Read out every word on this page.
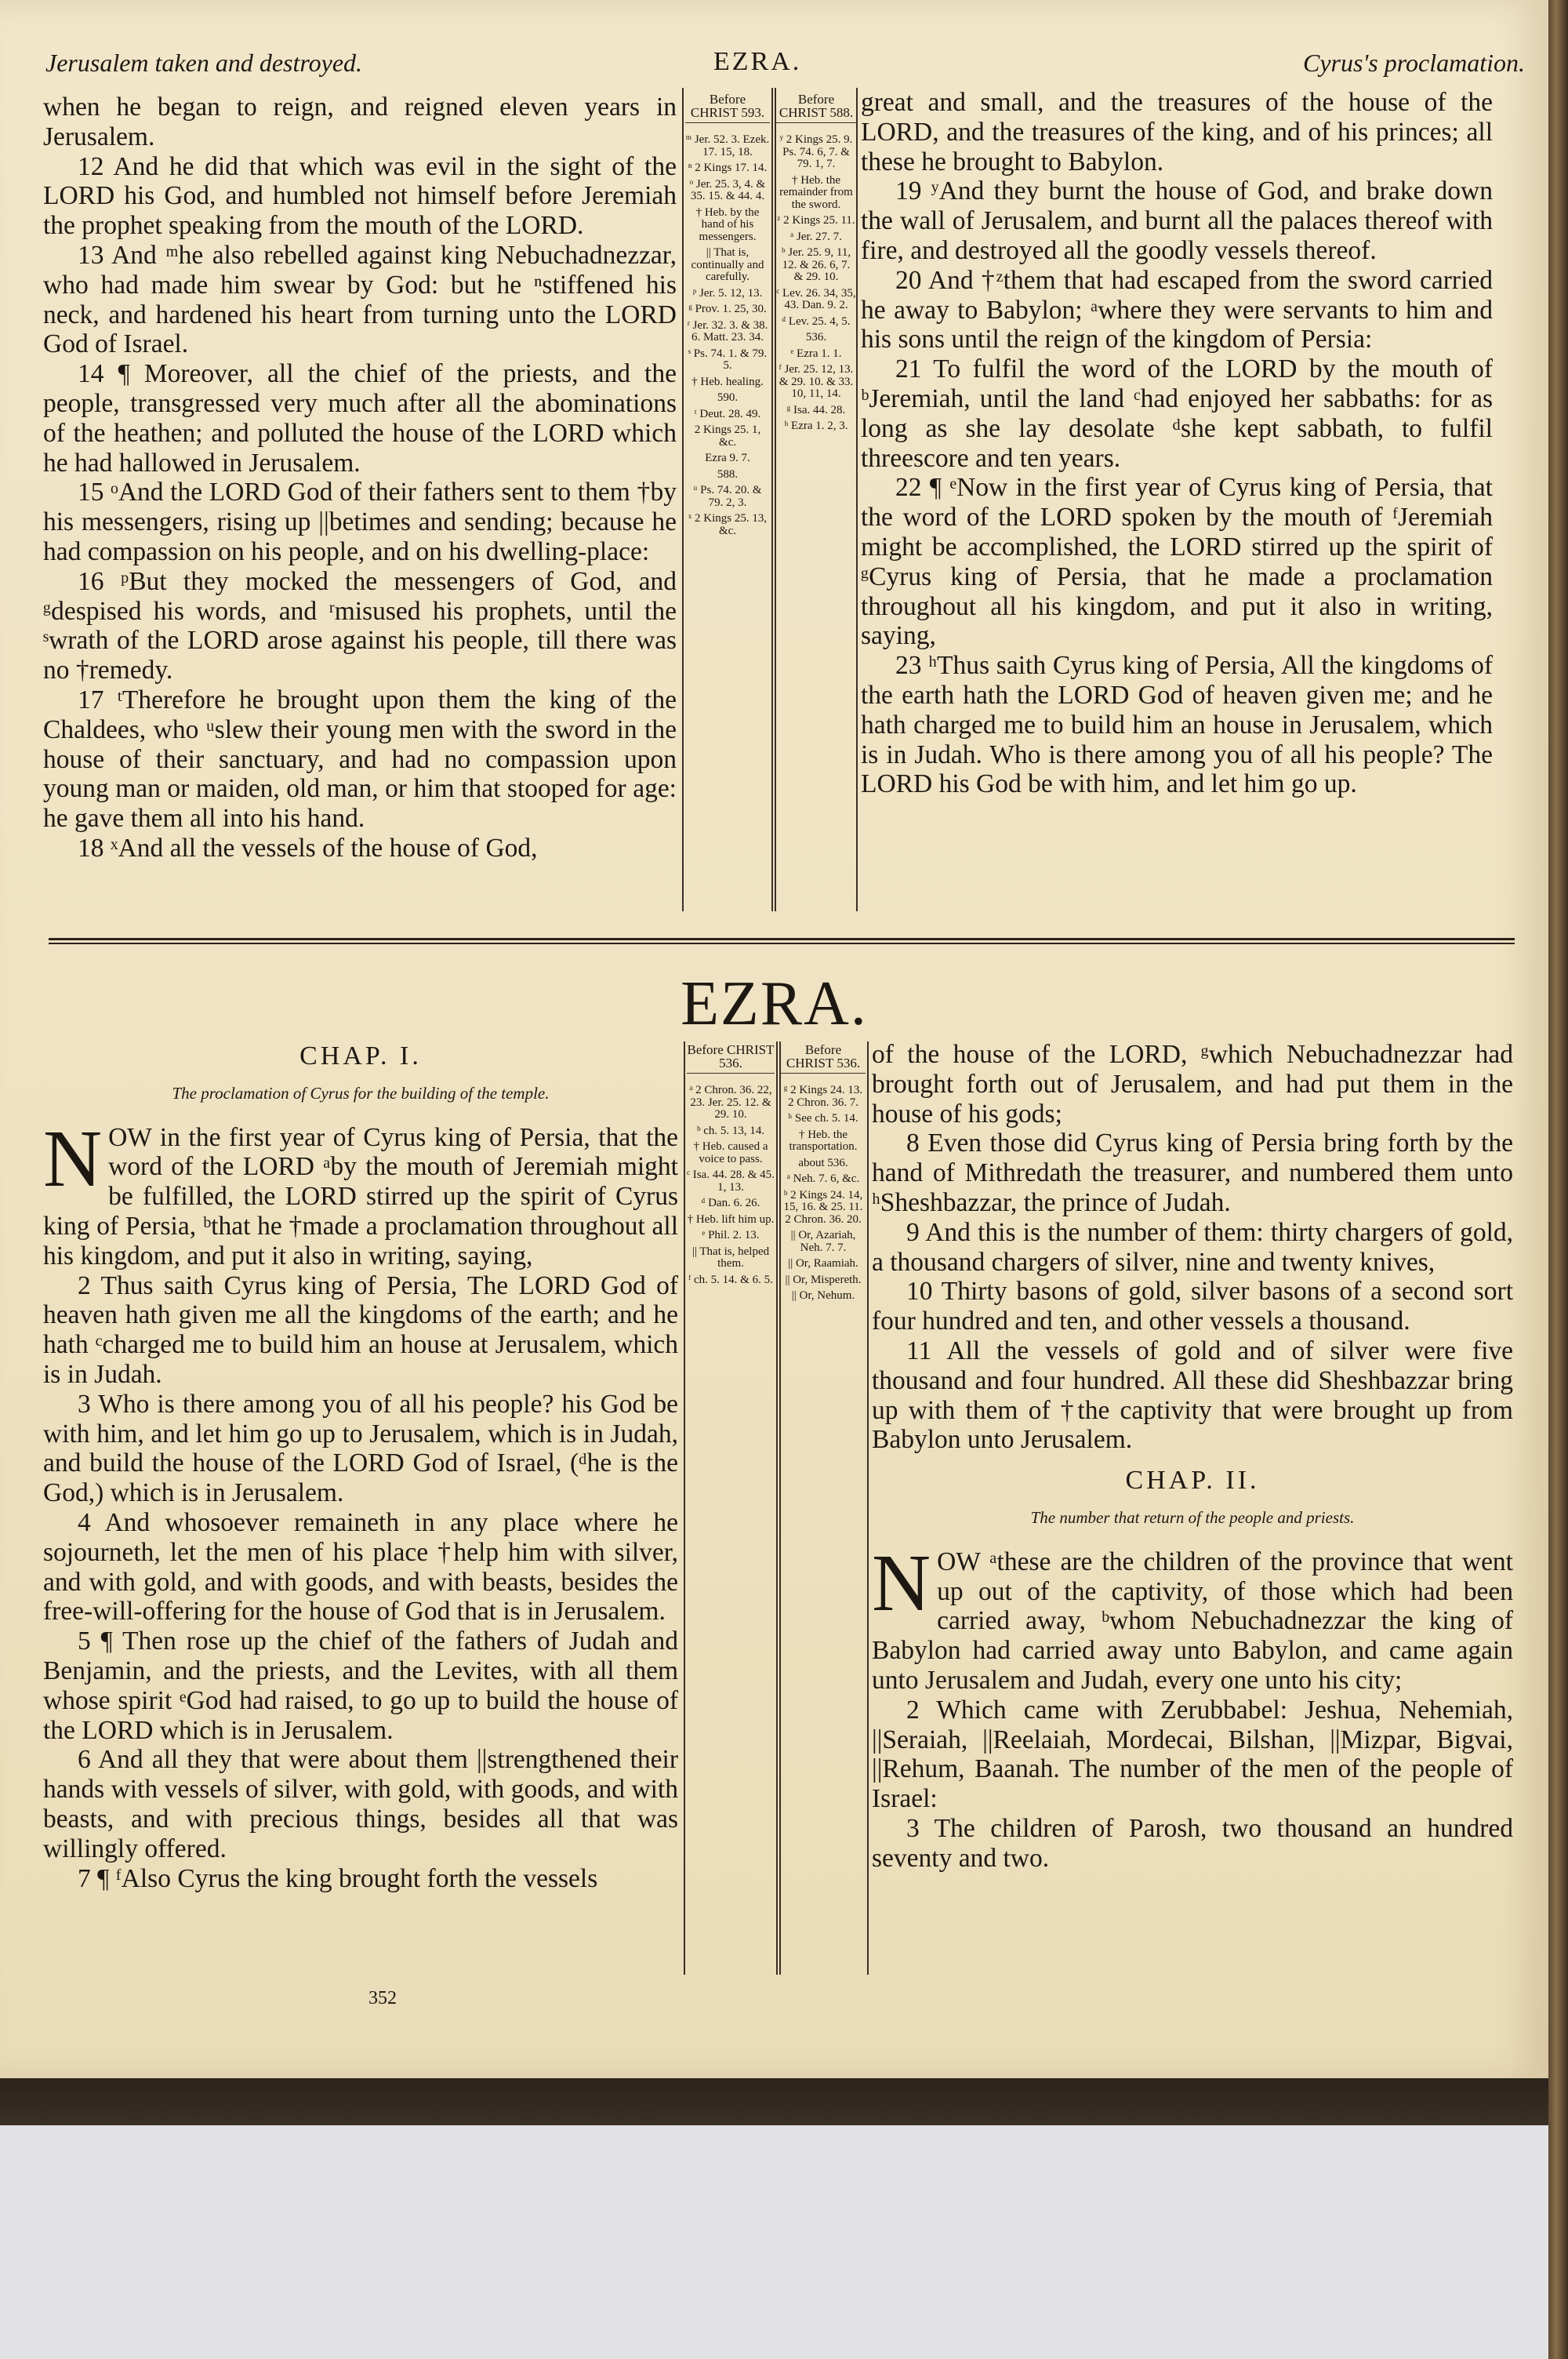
Jerusalem taken and destroyed.	EZRA.	Cyrus's proclamation.

when he began to reign, and reigned eleven years in Jerusalem.

12 And he did that which was evil in the sight of the LORD his God, and humbled not himself before Jeremiah the prophet speaking from the mouth of the LORD.

13 And ᵐhe also rebelled against king Nebuchadnezzar, who had made him swear by God: but he ⁿstiffened his neck, and hardened his heart from turning unto the LORD God of Israel.

14 ¶ Moreover, all the chief of the priests, and the people, transgressed very much after all the abominations of the heathen; and polluted the house of the LORD which he had hallowed in Jerusalem.

15 ᵒAnd the LORD God of their fathers sent to them †by his messengers, rising up ||betimes and sending; because he had compassion on his people, and on his dwelling-place:

16 ᵖBut they mocked the messengers of God, and ᵍdespised his words, and ʳmisused his prophets, until the ˢwrath of the LORD arose against his people, till there was no †remedy.

17 ᵗTherefore he brought upon them the king of the Chaldees, who ᵘslew their young men with the sword in the house of their sanctuary, and had no compassion upon young man or maiden, old man, or him that stooped for age: he gave them all into his hand.

18 ˣAnd all the vessels of the house of God,

Before CHRIST 593.

ᵐ Jer. 52. 3. Ezek. 17. 15, 18.

ⁿ 2 Kings 17. 14.

ᵒ Jer. 25. 3, 4. & 35. 15. & 44. 4.

† Heb. by the hand of his messengers.

|| That is, continually and carefully.

ᵖ Jer. 5. 12, 13.

ᵍ Prov. 1. 25, 30.

ʳ Jer. 32. 3. & 38. 6. Matt. 23. 34.

ˢ Ps. 74. 1. & 79. 5.

† Heb. healing.

590.

ᵗ Deut. 28. 49.

2 Kings 25. 1, &c.

Ezra 9. 7.

588.

ᵘ Ps. 74. 20. & 79. 2, 3.

ˣ 2 Kings 25. 13, &c.

Before CHRIST 588.

ʸ 2 Kings 25. 9. Ps. 74. 6, 7. & 79. 1, 7.

† Heb. the remainder from the sword.

ᶻ 2 Kings 25. 11.

ᵃ Jer. 27. 7.

ᵇ Jer. 25. 9, 11, 12. & 26. 6, 7. & 29. 10.

ᶜ Lev. 26. 34, 35, 43. Dan. 9. 2.

ᵈ Lev. 25. 4, 5.

536.

ᵉ Ezra 1. 1.

ᶠ Jer. 25. 12, 13. & 29. 10. & 33. 10, 11, 14.

ᵍ Isa. 44. 28.

ʰ Ezra 1. 2, 3.

great and small, and the treasures of the house of the LORD, and the treasures of the king, and of his princes; all these he brought to Babylon.

19 ʸAnd they burnt the house of God, and brake down the wall of Jerusalem, and burnt all the palaces thereof with fire, and destroyed all the goodly vessels thereof.

20 And †ᶻthem that had escaped from the sword carried he away to Babylon; ᵃwhere they were servants to him and his sons until the reign of the kingdom of Persia:

21 To fulfil the word of the LORD by the mouth of ᵇJeremiah, until the land ᶜhad enjoyed her sabbaths: for as long as she lay desolate ᵈshe kept sabbath, to fulfil threescore and ten years.

22 ¶ ᵉNow in the first year of Cyrus king of Persia, that the word of the LORD spoken by the mouth of ᶠJeremiah might be accomplished, the LORD stirred up the spirit of ᵍCyrus king of Persia, that he made a proclamation throughout all his kingdom, and put it also in writing, saying,

23 ʰThus saith Cyrus king of Persia, All the kingdoms of the earth hath the LORD God of heaven given me; and he hath charged me to build him an house in Jerusalem, which is in Judah. Who is there among you of all his people? The LORD his God be with him, and let him go up.

EZRA.
CHAP. I.
The proclamation of Cyrus for the building of the temple.

NOW in the first year of Cyrus king of Persia, that the word of the LORD ᵃby the mouth of Jeremiah might be fulfilled, the LORD stirred up the spirit of Cyrus king of Persia, ᵇthat he †made a proclamation throughout all his kingdom, and put it also in writing, saying,

2 Thus saith Cyrus king of Persia, The LORD God of heaven hath given me all the kingdoms of the earth; and he hath ᶜcharged me to build him an house at Jerusalem, which is in Judah.

3 Who is there among you of all his people? his God be with him, and let him go up to Jerusalem, which is in Judah, and build the house of the LORD God of Israel, (ᵈhe is the God,) which is in Jerusalem.

4 And whosoever remaineth in any place where he sojourneth, let the men of his place †help him with silver, and with gold, and with goods, and with beasts, besides the free-will-offering for the house of God that is in Jerusalem.

5 ¶ Then rose up the chief of the fathers of Judah and Benjamin, and the priests, and the Levites, with all them whose spirit ᵉGod had raised, to go up to build the house of the LORD which is in Jerusalem.

6 And all they that were about them ||strengthened their hands with vessels of silver, with gold, with goods, and with beasts, and with precious things, besides all that was willingly offered.

7 ¶ ᶠAlso Cyrus the king brought forth the vessels

Before CHRIST 536.

ᵃ 2 Chron. 36. 22, 23. Jer. 25. 12. & 29. 10.

ᵇ ch. 5. 13, 14.

† Heb. caused a voice to pass.

ᶜ Isa. 44. 28. & 45. 1, 13.

ᵈ Dan. 6. 26.

† Heb. lift him up.

ᵉ Phil. 2. 13.

|| That is, helped them.

ᶠ ch. 5. 14. & 6. 5.

Before CHRIST 536.

ᵍ 2 Kings 24. 13. 2 Chron. 36. 7.

ʰ See ch. 5. 14.

† Heb. the transportation.

about 536.

ᵃ Neh. 7. 6, &c.

ᵇ 2 Kings 24. 14, 15, 16. & 25. 11. 2 Chron. 36. 20.

|| Or, Azariah, Neh. 7. 7.

|| Or, Raamiah.

|| Or, Mispereth.

|| Or, Nehum.

of the house of the LORD, ᵍwhich Nebuchadnezzar had brought forth out of Jerusalem, and had put them in the house of his gods;

8 Even those did Cyrus king of Persia bring forth by the hand of Mithredath the treasurer, and numbered them unto ʰSheshbazzar, the prince of Judah.

9 And this is the number of them: thirty chargers of gold, a thousand chargers of silver, nine and twenty knives,

10 Thirty basons of gold, silver basons of a second sort four hundred and ten, and other vessels a thousand.

11 All the vessels of gold and of silver were five thousand and four hundred. All these did Sheshbazzar bring up with them of †the captivity that were brought up from Babylon unto Jerusalem.

CHAP. II.
The number that return of the people and priests.

NOW ᵃthese are the children of the province that went up out of the captivity, of those which had been carried away, ᵇwhom Nebuchadnezzar the king of Babylon had carried away unto Babylon, and came again unto Jerusalem and Judah, every one unto his city;

2 Which came with Zerubbabel: Jeshua, Nehemiah, ||Seraiah, ||Reelaiah, Mordecai, Bilshan, ||Mizpar, Bigvai, ||Rehum, Baanah. The number of the men of the people of Israel:

3 The children of Parosh, two thousand an hundred seventy and two.

352
